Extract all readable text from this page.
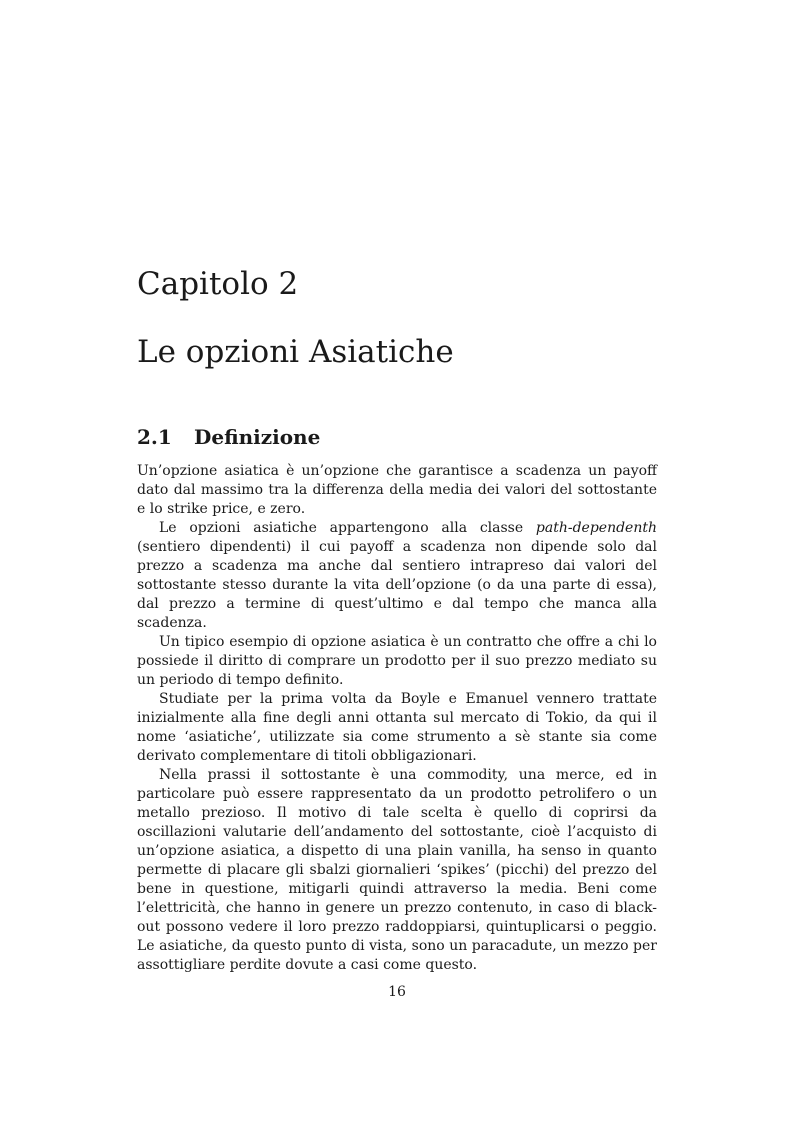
Capitolo 2
Le opzioni Asiatiche
2.1 Definizione

Un’opzione asiatica è un’opzione che garantisce a scadenza un payoff dato dal massimo tra la differenza della media dei valori del sottostante e lo strike price, e zero.

Le opzioni asiatiche appartengono alla classe path-dependenth (sentiero dipendenti) il cui payoff a scadenza non dipende solo dal prezzo a scadenza ma anche dal sentiero intrapreso dai valori del sottostante stesso durante la vita dell’opzione (o da una parte di essa), dal prezzo a termine di quest’ultimo e dal tempo che manca alla scadenza.

Un tipico esempio di opzione asiatica è un contratto che offre a chi lo possiede il diritto di comprare un prodotto per il suo prezzo mediato su un periodo di tempo definito.

Studiate per la prima volta da Boyle e Emanuel vennero trattate inizialmente alla fine degli anni ottanta sul mercato di Tokio, da qui il nome ‘asiatiche’, utilizzate sia come strumento a sè stante sia come derivato complementare di titoli obbligazionari.

Nella prassi il sottostante è una commodity, una merce, ed in particolare può essere rappresentato da un prodotto petrolifero o un metallo prezioso. Il motivo di tale scelta è quello di coprirsi da oscillazioni valutarie dell’andamento del sottostante, cioè l’acquisto di un’opzione asiatica, a dispetto di una plain vanilla, ha senso in quanto permette di placare gli sbalzi giornalieri ‘spikes’ (picchi) del prezzo del bene in questione, mitigarli quindi attraverso la media. Beni come l’elettricità, che hanno in genere un prezzo contenuto, in caso di black-out possono vedere il loro prezzo raddoppiarsi, quintuplicarsi o peggio. Le asiatiche, da questo punto di vista, sono un paracadute, un mezzo per assottigliare perdite dovute a casi come questo.

16
